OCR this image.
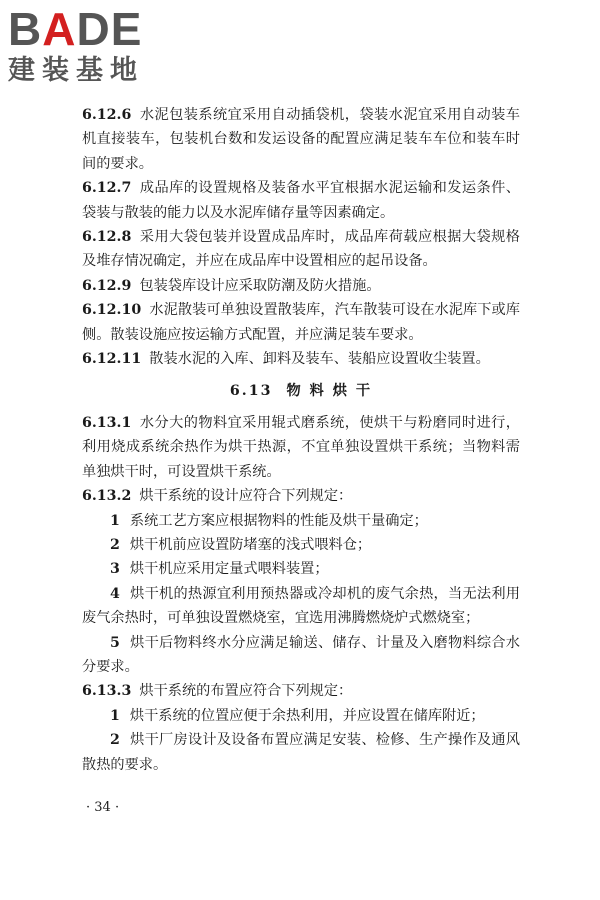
BADE
建装基地

6.12.6 水泥包装系统宜采用自动插袋机，袋装水泥宜采用自动装车机直接装车，包装机台数和发运设备的配置应满足装车车位和装车时间的要求。

6.12.7 成品库的设置规格及装备水平宜根据水泥运输和发运条件、袋装与散装的能力以及水泥库储存量等因素确定。

6.12.8 采用大袋包装并设置成品库时，成品库荷载应根据大袋规格及堆存情况确定，并应在成品库中设置相应的起吊设备。

6.12.9 包装袋库设计应采取防潮及防火措施。

6.12.10 水泥散装可单独设置散装库，汽车散装可设在水泥库下或库侧。散装设施应按运输方式配置，并应满足装车要求。

6.12.11 散装水泥的入库、卸料及装车、装船应设置收尘装置。

6.13 物 料 烘 干

6.13.1 水分大的物料宜采用辊式磨系统，使烘干与粉磨同时进行，利用烧成系统余热作为烘干热源，不宜单独设置烘干系统；当物料需单独烘干时，可设置烘干系统。

6.13.2 烘干系统的设计应符合下列规定：

1 系统工艺方案应根据物料的性能及烘干量确定；

2 烘干机前应设置防堵塞的浅式喂料仓；

3 烘干机应采用定量式喂料装置；

4 烘干机的热源宜利用预热器或冷却机的废气余热，当无法利用废气余热时，可单独设置燃烧室，宜选用沸腾燃烧炉式燃烧室；

5 烘干后物料终水分应满足输送、储存、计量及入磨物料综合水分要求。

6.13.3 烘干系统的布置应符合下列规定：

1 烘干系统的位置应便于余热利用，并应设置在储库附近；

2 烘干厂房设计及设备布置应满足安装、检修、生产操作及通风散热的要求。

· 34 ·
